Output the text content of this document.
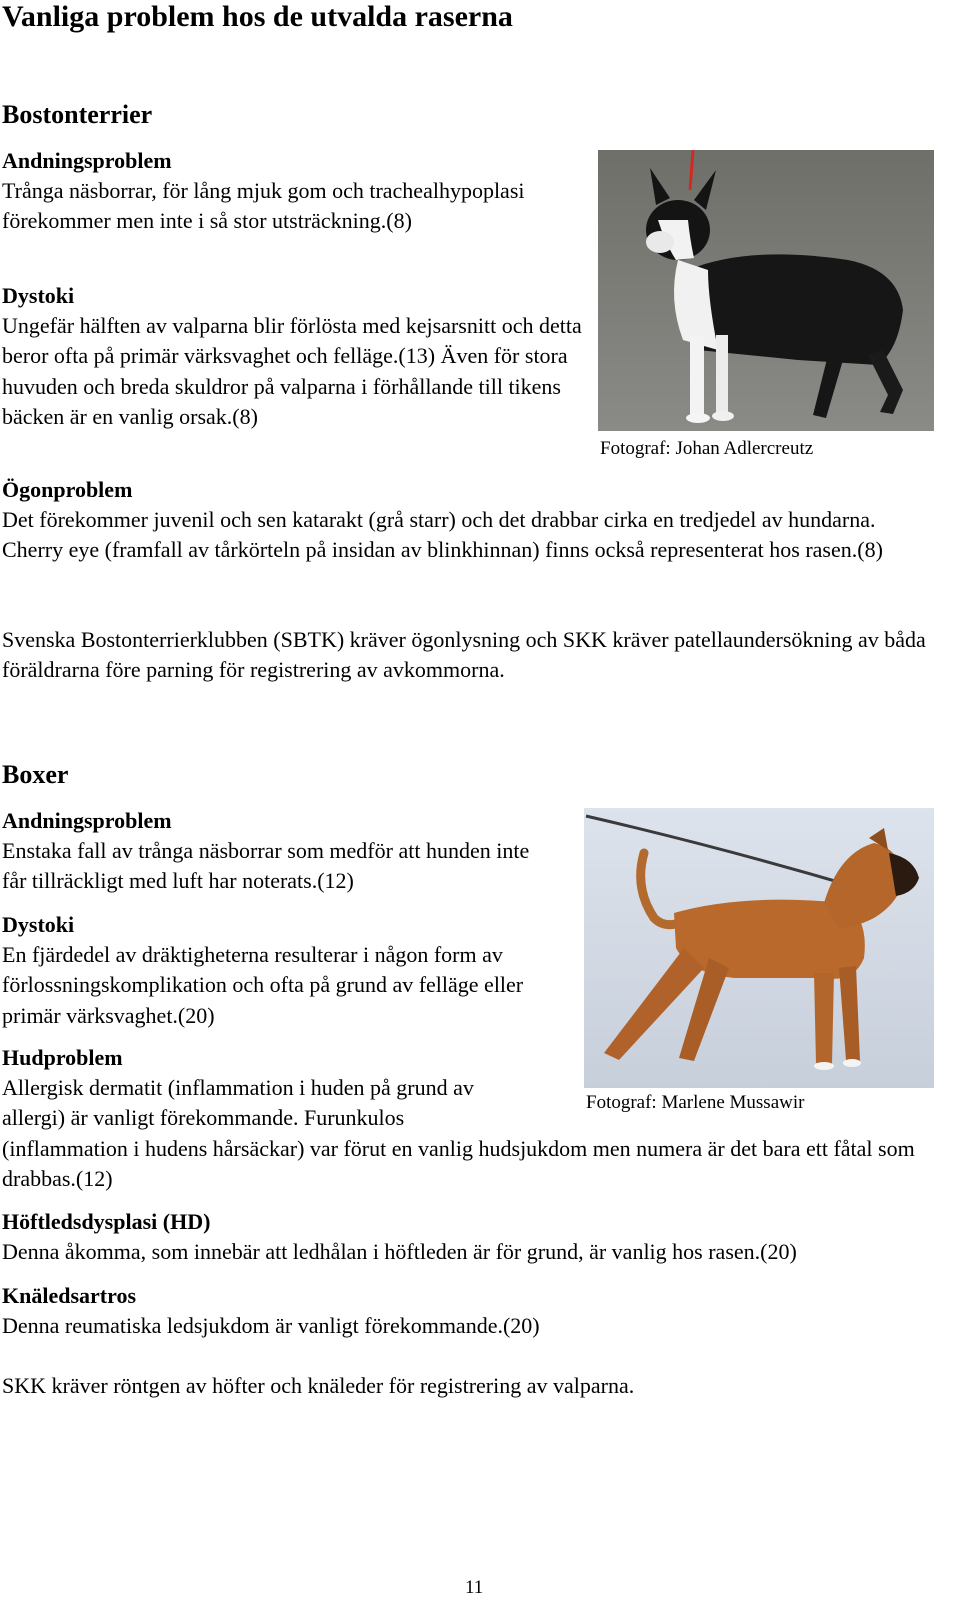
Vanliga problem hos de utvalda raserna
Bostonterrier
Andningsproblem
Trånga näsborrar, för lång mjuk gom och trachealhypoplasi förekommer men inte i så stor utsträckning.(8)
Dystoki
Ungefär hälften av valparna blir förlösta med kejsarsnitt och detta beror ofta på primär värksvaghet och felläge.(13) Även för stora huvuden och breda skuldror på valparna i förhållande till tikens bäcken är en vanlig orsak.(8)
Fotograf: Johan Adlercreutz
Ögonproblem
Det förekommer juvenil och sen katarakt (grå starr) och det drabbar cirka en tredjedel av hundarna. Cherry eye (framfall av tårkörteln på insidan av blinkhinnan) finns också representerat hos rasen.(8)
Svenska Bostonterrierklubben (SBTK) kräver ögonlysning och SKK kräver patellaundersökning av båda föräldrarna före parning för registrering av avkommorna.
Boxer
Andningsproblem
Enstaka fall av trånga näsborrar som medför att hunden inte får tillräckligt med luft har noterats.(12)
Dystoki
En fjärdedel av dräktigheterna resulterar i någon form av förlossningskomplikation och ofta på grund av felläge eller primär värksvaghet.(20)
Fotograf: Marlene Mussawir
Hudproblem
Allergisk dermatit (inflammation i huden på grund av allergi) är vanligt förekommande. Furunkulos
(inflammation i hudens hårsäckar) var förut en vanlig hudsjukdom men numera är det bara ett fåtal som drabbas.(12)
Höftledsdysplasi (HD)
Denna åkomma, som innebär att ledhålan i höftleden är för grund, är vanlig hos rasen.(20)
Knäledsartros
Denna reumatiska ledsjukdom är vanligt förekommande.(20)
SKK kräver röntgen av höfter och knäleder för registrering av valparna.
11
